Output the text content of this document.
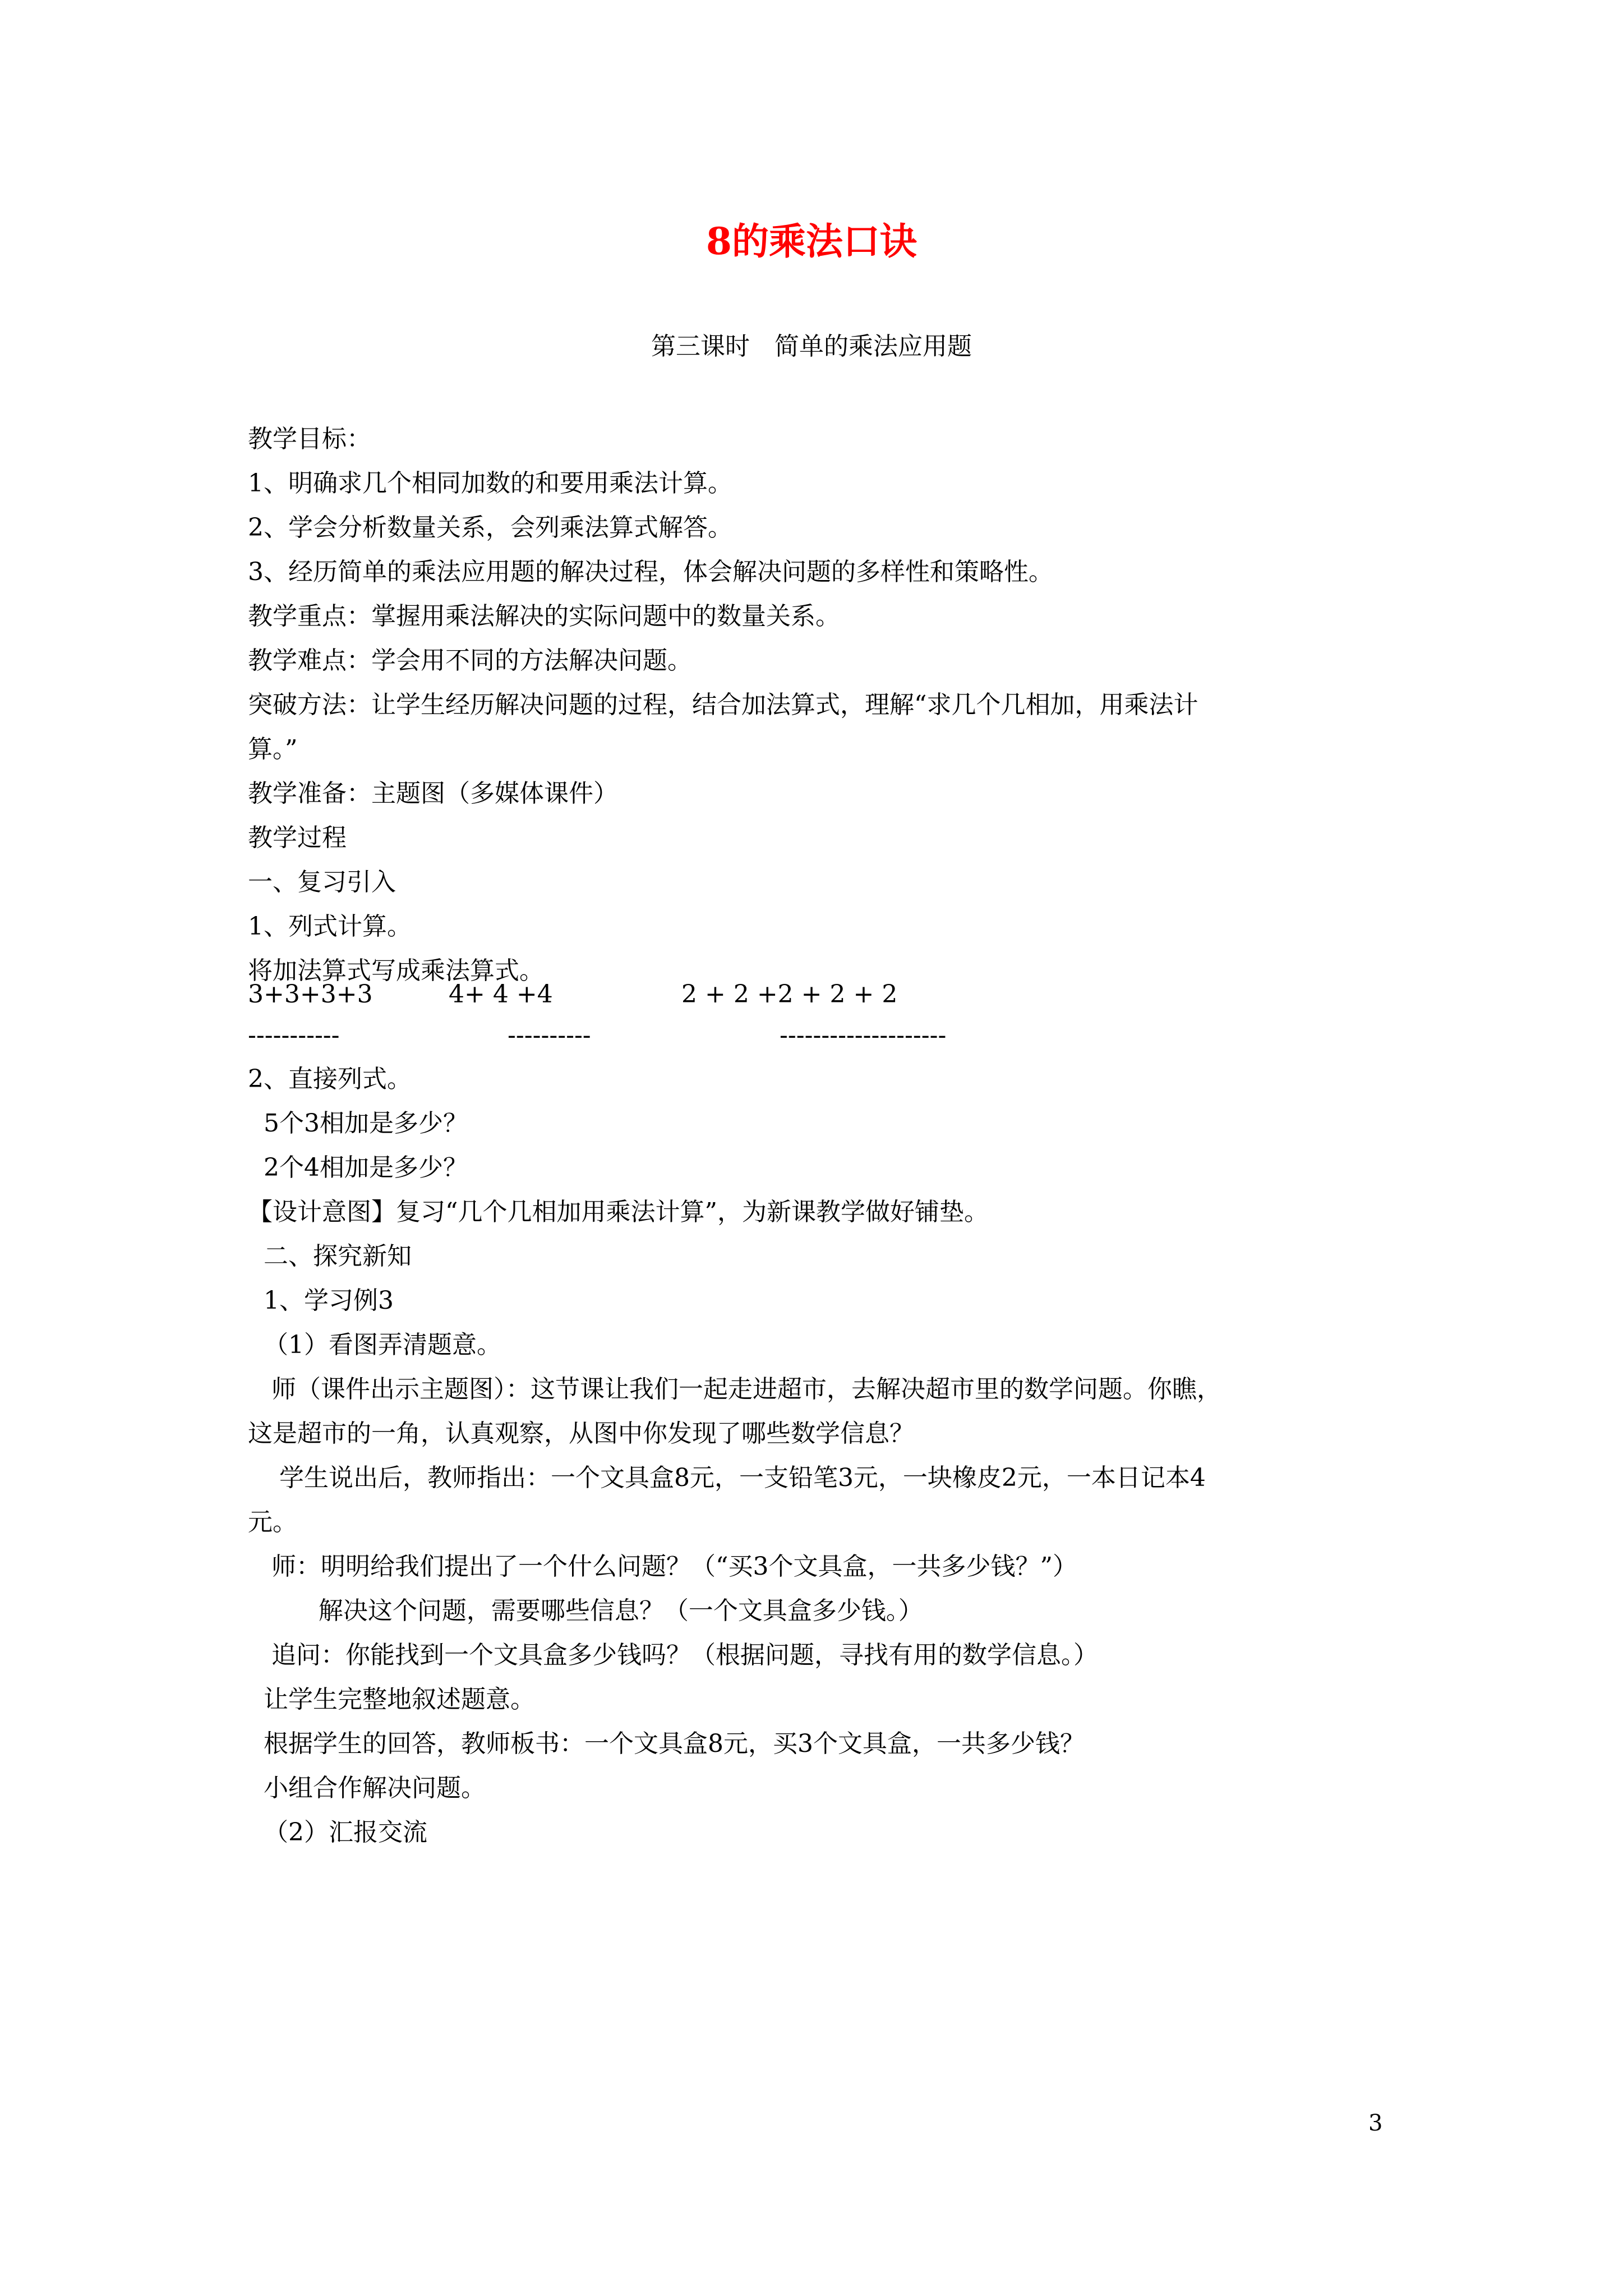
8的乘法口诀
第三课时　简单的乘法应用题
教学目标：
1、明确求几个相同加数的和要用乘法计算。
2、学会分析数量关系，会列乘法算式解答。
3、经历简单的乘法应用题的解决过程，体会解决问题的多样性和策略性。
教学重点：掌握用乘法解决的实际问题中的数量关系。
教学难点：学会用不同的方法解决问题。
突破方法：让学生经历解决问题的过程，结合加法算式，理解“求几个几相加，用乘法计
算。”
教学准备：主题图（多媒体课件）
教学过程
一、复习引入
1、列式计算。
将加法算式写成乘法算式。
3+3+3+3	4+ 4 +4	2 + 2 +2 + 2 + 2
-----------	----------	--------------------
2、直接列式。
5个3相加是多少？
2个4相加是多少？
【设计意图】复习“几个几相加用乘法计算”，为新课教学做好铺垫。
二、探究新知
1、学习例3
（1）看图弄清题意。
师（课件出示主题图）：这节课让我们一起走进超市，去解决超市里的数学问题。你瞧，
这是超市的一角，认真观察，从图中你发现了哪些数学信息？
学生说出后，教师指出：一个文具盒8元，一支铅笔3元，一块橡皮2元，一本日记本4
元。
师：明明给我们提出了一个什么问题？（“买3个文具盒，一共多少钱？”）
解决这个问题，需要哪些信息？（一个文具盒多少钱。）
追问：你能找到一个文具盒多少钱吗？（根据问题，寻找有用的数学信息。）
让学生完整地叙述题意。
根据学生的回答，教师板书：一个文具盒8元，买3个文具盒，一共多少钱？
小组合作解决问题。
（2）汇报交流
3
